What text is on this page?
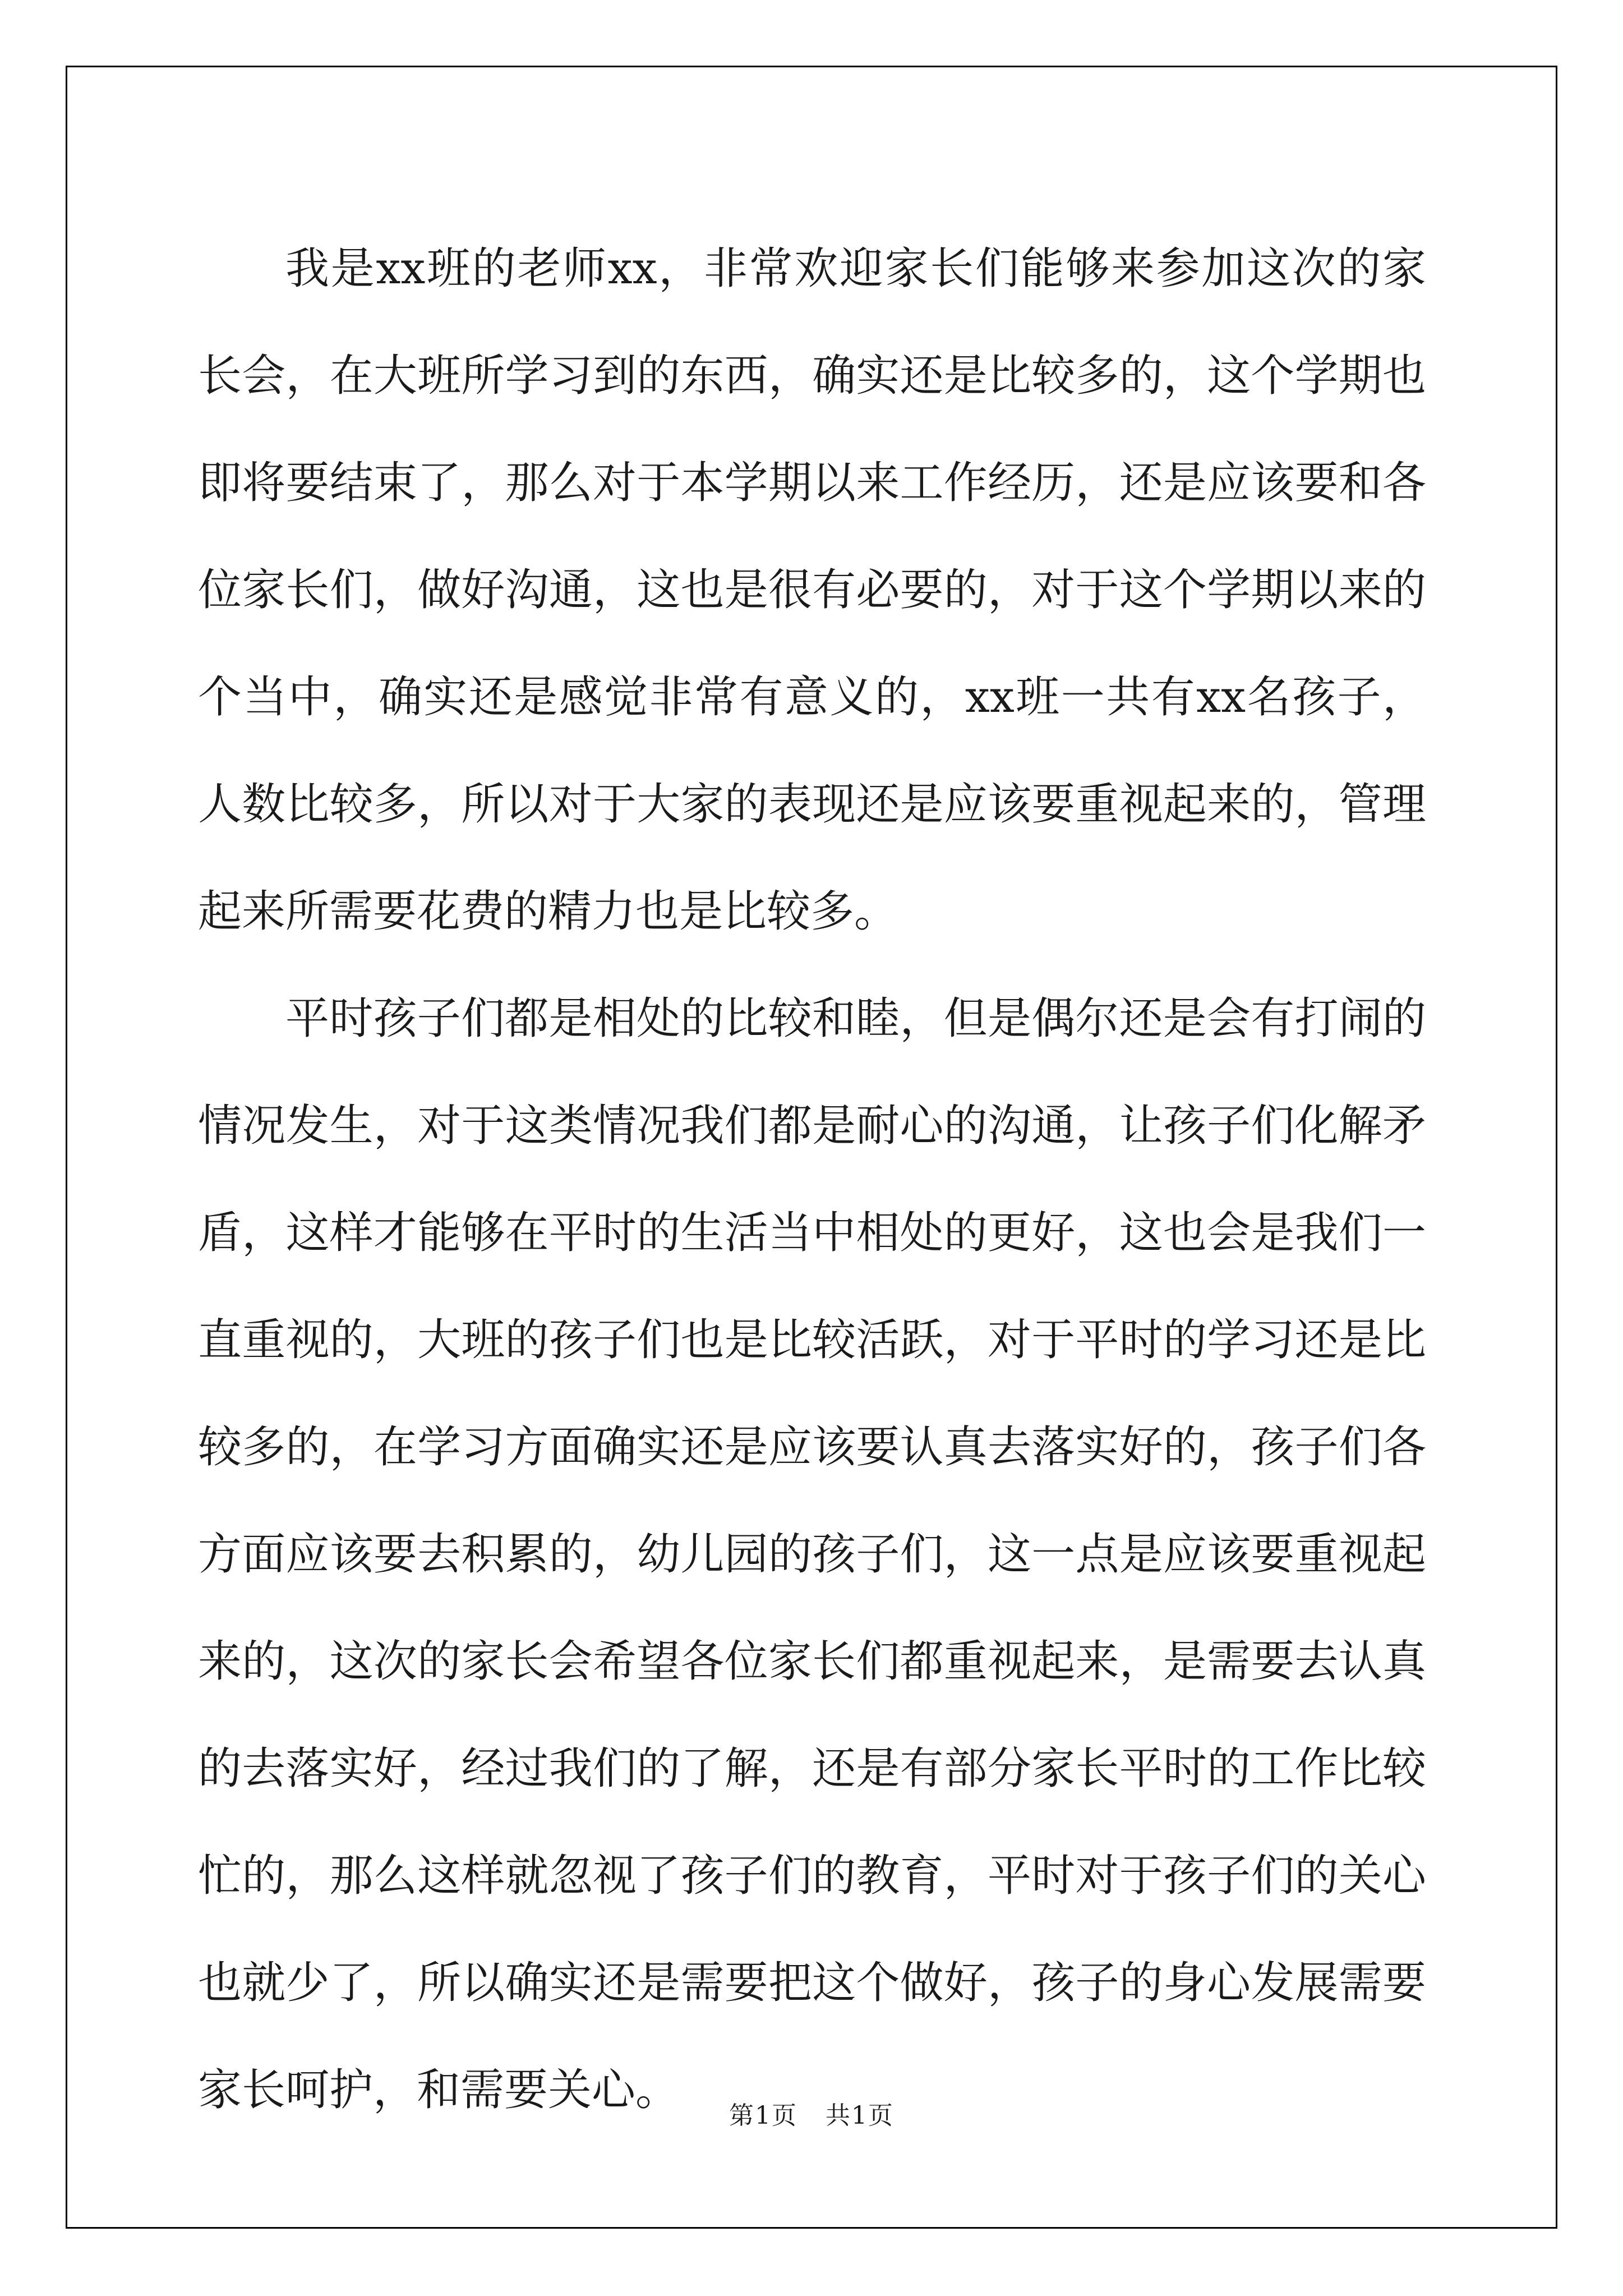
我是xx班的老师xx，非常欢迎家长们能够来参加这次的家长会，在大班所学习到的东西，确实还是比较多的，这个学期也即将要结束了，那么对于本学期以来工作经历，还是应该要和各位家长们，做好沟通，这也是很有必要的，对于这个学期以来的个当中，确实还是感觉非常有意义的，xx班一共有xx名孩子，人数比较多，所以对于大家的表现还是应该要重视起来的，管理起来所需要花费的精力也是比较多。

平时孩子们都是相处的比较和睦，但是偶尔还是会有打闹的情况发生，对于这类情况我们都是耐心的沟通，让孩子们化解矛盾，这样才能够在平时的生活当中相处的更好，这也会是我们一直重视的，大班的孩子们也是比较活跃，对于平时的学习还是比较多的，在学习方面确实还是应该要认真去落实好的，孩子们各方面应该要去积累的，幼儿园的孩子们，这一点是应该要重视起来的，这次的家长会希望各位家长们都重视起来，是需要去认真的去落实好，经过我们的了解，还是有部分家长平时的工作比较忙的，那么这样就忽视了孩子们的教育，平时对于孩子们的关心也就少了，所以确实还是需要把这个做好，孩子的身心发展需要家长呵护，和需要关心。

第1页 共1页
